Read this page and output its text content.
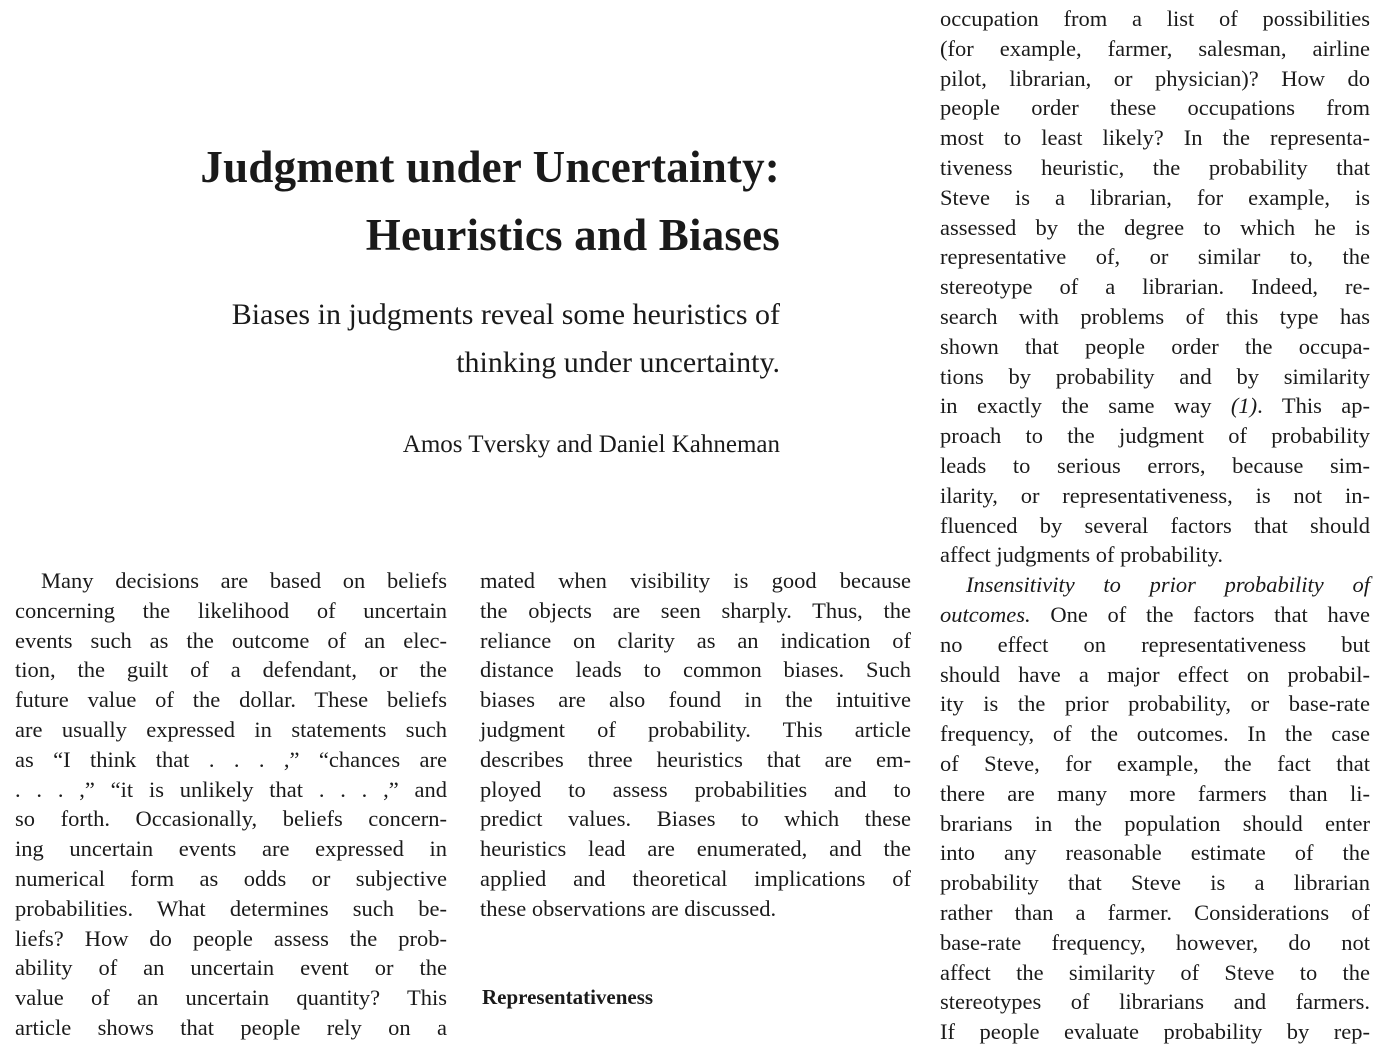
Judgment under Uncertainty:
Heuristics and Biases

Biases in judgments reveal some heuristics of
thinking under uncertainty.

Amos Tversky and Daniel Kahneman

Many decisions are based on beliefs
concerning the likelihood of uncertain
events such as the outcome of an elec-
tion, the guilt of a defendant, or the
future value of the dollar. These beliefs
are usually expressed in statements such
as “I think that . . . ,” “chances are
. . . ,” “it is unlikely that . . . ,” and
so forth. Occasionally, beliefs concern-
ing uncertain events are expressed in
numerical form as odds or subjective
probabilities. What determines such be-
liefs? How do people assess the prob-
ability of an uncertain event or the
value of an uncertain quantity? This
article shows that people rely on a
mated when visibility is good because
the objects are seen sharply. Thus, the
reliance on clarity as an indication of
distance leads to common biases. Such
biases are also found in the intuitive
judgment of probability. This article
describes three heuristics that are em-
ployed to assess probabilities and to
predict values. Biases to which these
heuristics lead are enumerated, and the
applied and theoretical implications of
these observations are discussed.
Representativeness
occupation from a list of possibilities
(for example, farmer, salesman, airline
pilot, librarian, or physician)? How do
people order these occupations from
most to least likely? In the representa-
tiveness heuristic, the probability that
Steve is a librarian, for example, is
assessed by the degree to which he is
representative of, or similar to, the
stereotype of a librarian. Indeed, re-
search with problems of this type has
shown that people order the occupa-
tions by probability and by similarity
in exactly the same way (1). This ap-
proach to the judgment of probability
leads to serious errors, because sim-
ilarity, or representativeness, is not in-
fluenced by several factors that should
affect judgments of probability.
Insensitivity to prior probability of
outcomes. One of the factors that have
no effect on representativeness but
should have a major effect on probabil-
ity is the prior probability, or base-rate
frequency, of the outcomes. In the case
of Steve, for example, the fact that
there are many more farmers than li-
brarians in the population should enter
into any reasonable estimate of the
probability that Steve is a librarian
rather than a farmer. Considerations of
base-rate frequency, however, do not
affect the similarity of Steve to the
stereotypes of librarians and farmers.
If people evaluate probability by rep-
